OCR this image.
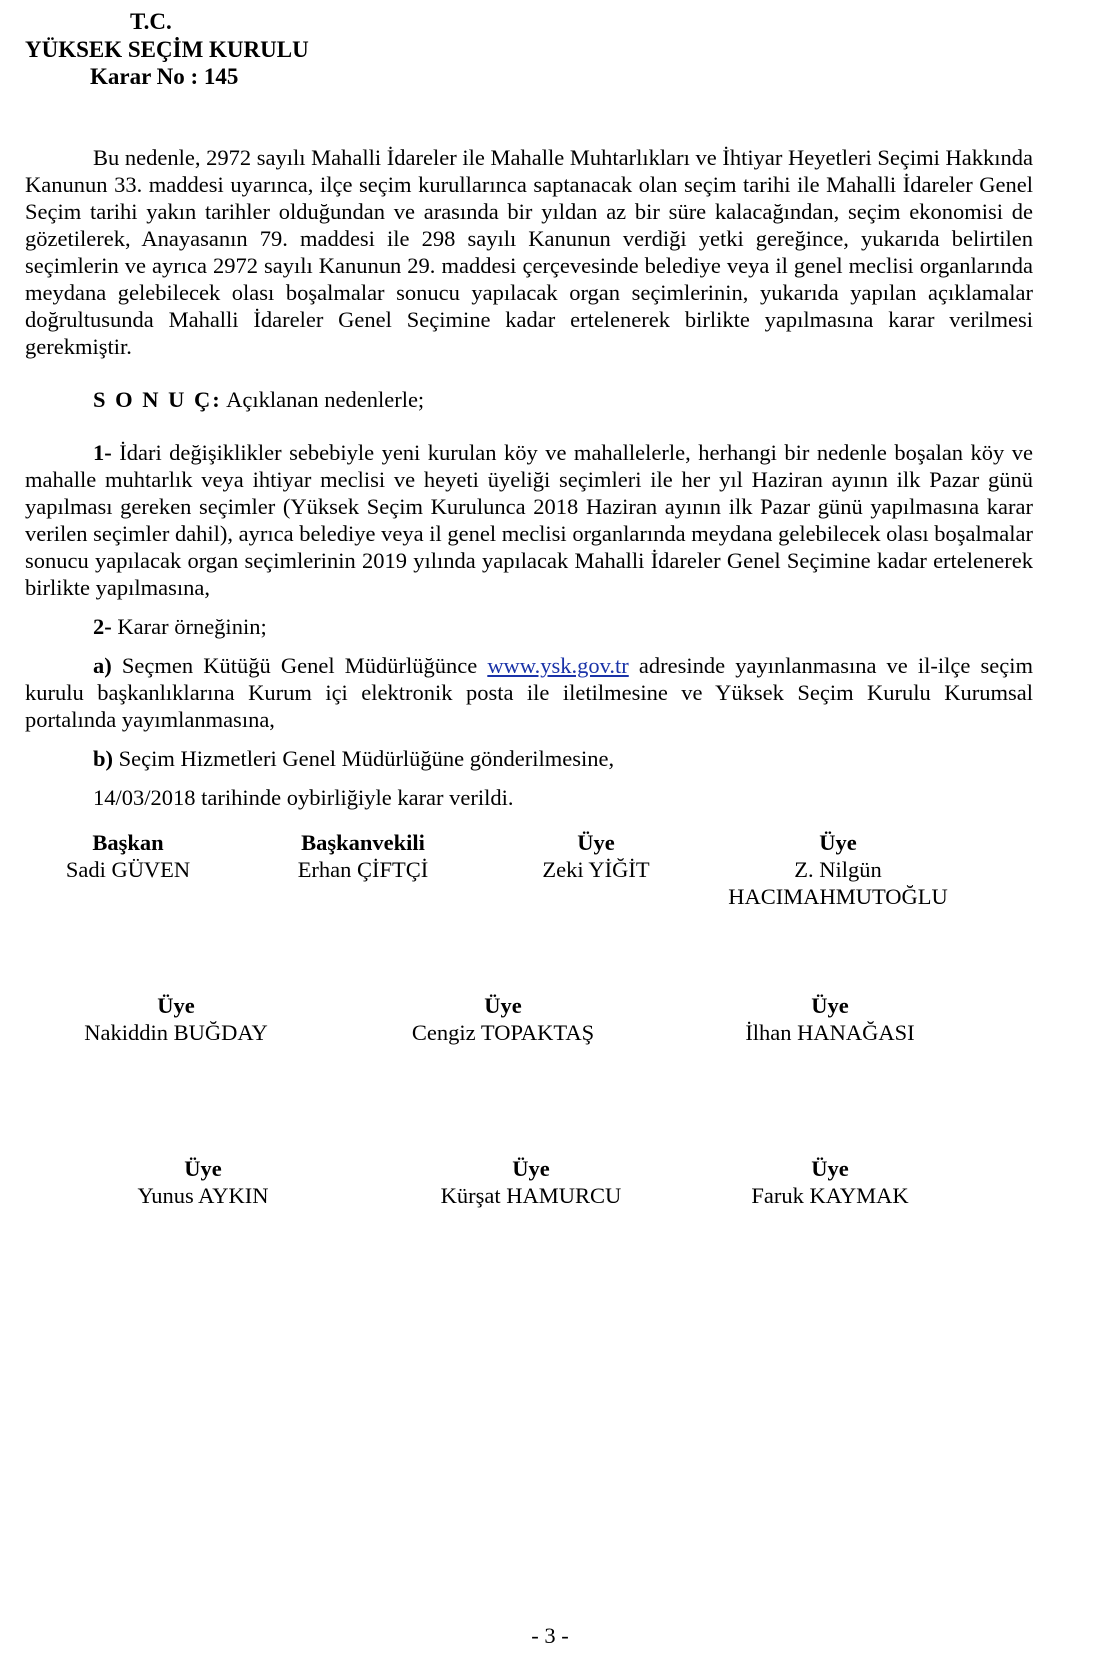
T.C.
YÜKSEK SEÇİM KURULU
Karar No : 145

Bu nedenle, 2972 sayılı Mahalli İdareler ile Mahalle Muhtarlıkları ve İhtiyar Heyetleri Seçimi Hakkında Kanunun 33. maddesi uyarınca, ilçe seçim kurullarınca saptanacak olan seçim tarihi ile Mahalli İdareler Genel Seçim tarihi yakın tarihler olduğundan ve arasında bir yıldan az bir süre kalacağından, seçim ekonomisi de gözetilerek, Anayasanın 79. maddesi ile 298 sayılı Kanunun verdiği yetki gereğince, yukarıda belirtilen seçimlerin ve ayrıca 2972 sayılı Kanunun 29. maddesi çerçevesinde belediye veya il genel meclisi organlarında meydana gelebilecek olası boşalmalar sonucu yapılacak organ seçimlerinin, yukarıda yapılan açıklamalar doğrultusunda Mahalli İdareler Genel Seçimine kadar ertelenerek birlikte yapılmasına karar verilmesi gerekmiştir.

S O N U Ç: Açıklanan nedenlerle;

1- İdari değişiklikler sebebiyle yeni kurulan köy ve mahallelerle, herhangi bir nedenle boşalan köy ve mahalle muhtarlık veya ihtiyar meclisi ve heyeti üyeliği seçimleri ile her yıl Haziran ayının ilk Pazar günü yapılması gereken seçimler (Yüksek Seçim Kurulunca 2018 Haziran ayının ilk Pazar günü yapılmasına karar verilen seçimler dahil), ayrıca belediye veya il genel meclisi organlarında meydana gelebilecek olası boşalmalar sonucu yapılacak organ seçimlerinin 2019 yılında yapılacak Mahalli İdareler Genel Seçimine kadar ertelenerek birlikte yapılmasına,

2- Karar örneğinin;

a) Seçmen Kütüğü Genel Müdürlüğünce www.ysk.gov.tr adresinde yayınlanmasına ve il-ilçe seçim kurulu başkanlıklarına Kurum içi elektronik posta ile iletilmesine ve Yüksek Seçim Kurulu Kurumsal portalında yayımlanmasına,

b) Seçim Hizmetleri Genel Müdürlüğüne gönderilmesine,

14/03/2018 tarihinde oybirliğiyle karar verildi.

Başkan
Sadi GÜVEN
Başkanvekili
Erhan ÇİFTÇİ
Üye
Zeki YİĞİT
Üye
Z. Nilgün
HACIMAHMUTOĞLU
Üye
Nakiddin BUĞDAY
Üye
Cengiz TOPAKTAŞ
Üye
İlhan HANAĞASI
Üye
Yunus AYKIN
Üye
Kürşat HAMURCU
Üye
Faruk KAYMAK
- 3 -
